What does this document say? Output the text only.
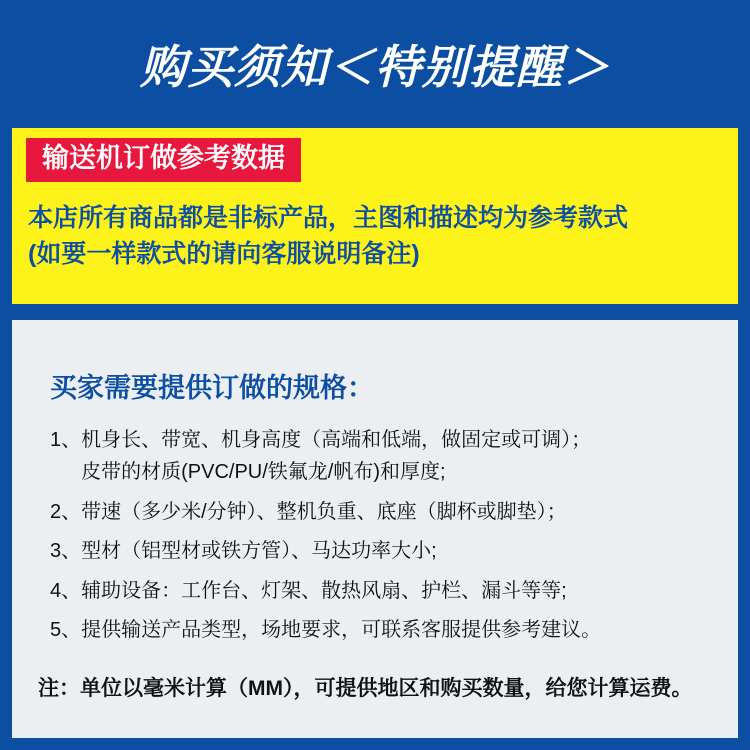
购买须知＜特别提醒＞
输送机订做参考数据
本店所有商品都是非标产品，主图和描述均为参考款式
(如要一样款式的请向客服说明备注)
买家需要提供订做的规格：
1、 机身长、带宽、机身高度（高端和低端，做固定或可调）；
皮带的材质(PVC/PU/铁氟龙/帆布)和厚度;
2、 带速（多少米/分钟）、整机负重、底座（脚杯或脚垫）；
3、 型材（铝型材或铁方管）、马达功率大小;
4、 辅助设备：工作台、灯架、散热风扇、护栏、漏斗等等;
5、 提供输送产品类型，场地要求，可联系客服提供参考建议。
注：单位以毫米计算（MM），可提供地区和购买数量，给您计算运费。
